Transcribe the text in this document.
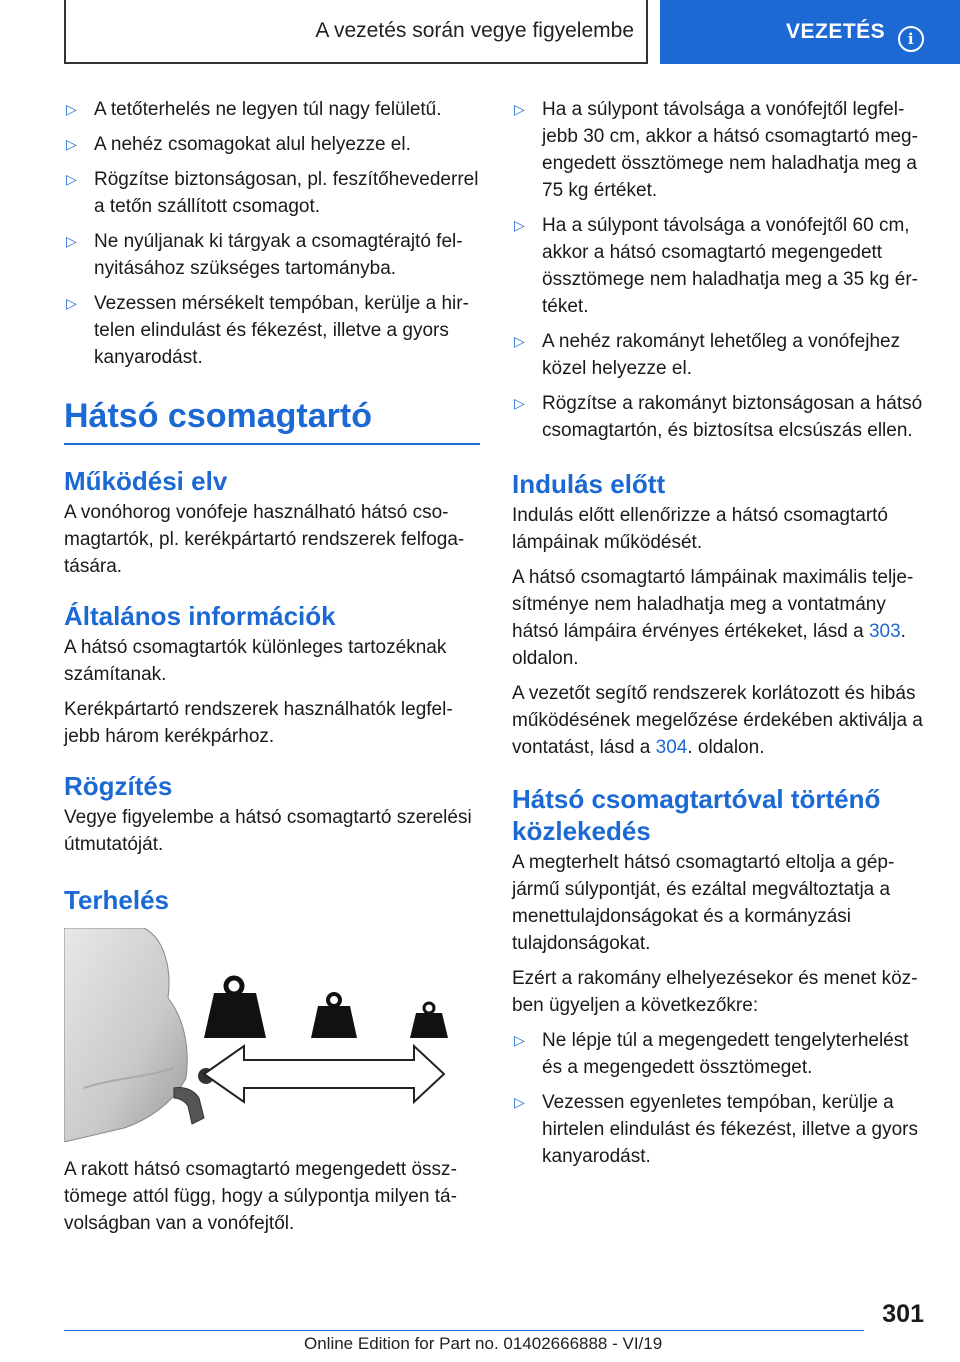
A vezetés során vegye figyelembe	VEZETÉS	i
▷ A tetőterhelés ne legyen túl nagy felületű.
▷ A nehéz csomagokat alul helyezze el.
▷ Rögzítse biztonságosan, pl. feszítőhevederrel a tetőn szállított csomagot.
▷ Ne nyúljanak ki tárgyak a csomagtérajtó felnyitásához szükséges tartományba.
▷ Vezessen mérsékelt tempóban, kerülje a hirtelen elindulást és fékezést, illetve a gyors kanyarodást.
Hátsó csomagtartó
Működési elv

A vonóhorog vonófeje használható hátsó csomagtartók, pl. kerékpártartó rendszerek felfogatására.

Általános információk

A hátsó csomagtartók különleges tartozéknak számítanak.

Kerékpártartó rendszerek használhatók legfeljebb három kerékpárhoz.

Rögzítés

Vegye figyelembe a hátsó csomagtartó szerelési útmutatóját.

Terhelés

A rakott hátsó csomagtartó megengedett össztömege attól függ, hogy a súlypontja milyen távolságban van a vonófejtől.

▷ Ha a súlypont távolsága a vonófejtől legfeljebb 30 cm, akkor a hátsó csomagtartó megengedett össztömege nem haladhatja meg a 75 kg értéket.
▷ Ha a súlypont távolsága a vonófejtől 60 cm, akkor a hátsó csomagtartó megengedett össztömege nem haladhatja meg a 35 kg értéket.
▷ A nehéz rakományt lehetőleg a vonófejhez közel helyezze el.
▷ Rögzítse a rakományt biztonságosan a hátsó csomagtartón, és biztosítsa elcsúszás ellen.
Indulás előtt

Indulás előtt ellenőrizze a hátsó csomagtartó lámpáinak működését.

A hátsó csomagtartó lámpáinak maximális teljesítménye nem haladhatja meg a vontatmány hátsó lámpáira érvényes értékeket, lásd a 303. oldalon.

A vezetőt segítő rendszerek korlátozott és hibás működésének megelőzése érdekében aktiválja a vontatást, lásd a 304. oldalon.

Hátsó csomagtartóval történő közlekedés

A megterhelt hátsó csomagtartó eltolja a gépjármű súlypontját, és ezáltal megváltoztatja a menettulajdonságokat és a kormányzási tulajdonságokat.

Ezért a rakomány elhelyezésekor és menet közben ügyeljen a következőkre:

▷ Ne lépje túl a megengedett tengelyterhelést és a megengedett össztömeget.
▷ Vezessen egyenletes tempóban, kerülje a hirtelen elindulást és fékezést, illetve a gyors kanyarodást.
301
Online Edition for Part no. 01402666888 - VI/19
